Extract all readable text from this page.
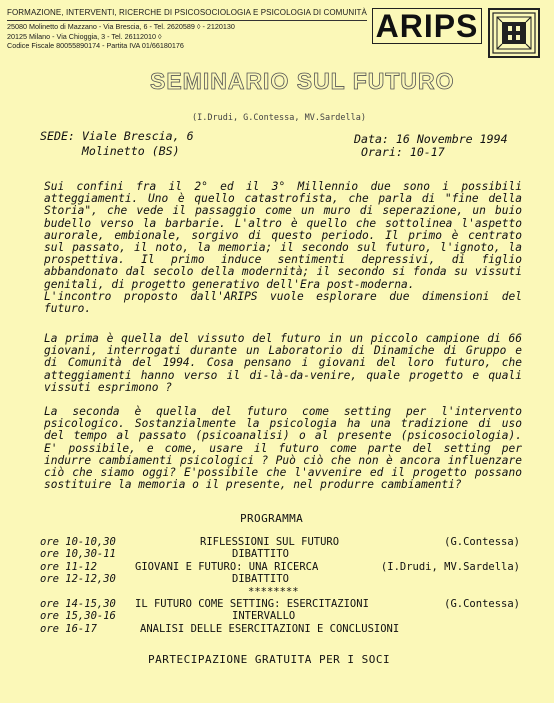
FORMAZIONE, INTERVENTI, RICERCHE DI PSICOSOCIOLOGIA E PSICOLOGIA DI COMUNITÀ
25080 Molinetto di Mazzano - Via Brescia, 6 - Tel. 2620589 ◊ - 2120130
20125 Milano - Via Chioggia, 3 - Tel. 26112010 ◊
Codice Fiscale 80055890174 - Partita IVA 01/66180176
ARIPS
SEMINARIO SUL FUTURO
(I.Drudi, G.Contessa, MV.Sardella)
SEDE: Viale Brescia, 6
Molinetto (BS)
Data: 16 Novembre 1994
Orari: 10-17

Sui confini fra il 2° ed il 3° Millennio due sono i possibili atteggiamenti. Uno è quello catastrofista, che parla di "fine della Storia", che vede il passaggio come un muro di seperazione, un buio budello verso la barbarie. L'altro è quello che sottolinea l'aspetto aurorale, embionale, sorgivo di questo periodo. Il primo è centrato sul passato, il noto, la memoria; il secondo sul futuro, l'ignoto, la prospettiva. Il primo induce sentimenti depressivi, di figlio abbandonato dal secolo della modernità; il secondo si fonda su vissuti genitali, di progetto generativo dell'Era post-moderna.

L'incontro proposto dall'ARIPS vuole esplorare due dimensioni del futuro.

La prima è quella del vissuto del futuro in un piccolo campione di 66 giovani, interrogati durante un Laboratorio di Dinamiche di Gruppo e di Comunità del 1994. Cosa pensano i giovani del loro futuro, che atteggiamenti hanno verso il di-là-da-venire, quale progetto e quali vissuti esprimono ?

La seconda è quella del futuro come setting per l'intervento psicologico. Sostanzialmente la psicologia ha una tradizione di uso del tempo al passato (psicoanalisi) o al presente (psicosociologia). E' possibile, e come, usare il futuro come parte del setting per indurre cambiamenti psicologici ? Può ciò che non è ancora influenzare ciò che siamo oggi? E'possibile che l'avvenire ed il progetto possano sostituire la memoria o il presente, nel produrre cambiamenti?

PROGRAMMA
ore 10-10,30	RIFLESSIONI SUL FUTURO	(G.Contessa)
ore 10,30-11	DIBATTITO
ore 11-12	GIOVANI E FUTURO: UNA RICERCA	(I.Drudi, MV.Sardella)
ore 12-12,30	DIBATTITO
********
ore 14-15,30 IL FUTURO COME SETTING: ESERCITAZIONI	(G.Contessa)
ore 15,30-16	INTERVALLO
ore 16-17	ANALISI DELLE ESERCITAZIONI E CONCLUSIONI
PARTECIPAZIONE GRATUITA PER I SOCI
